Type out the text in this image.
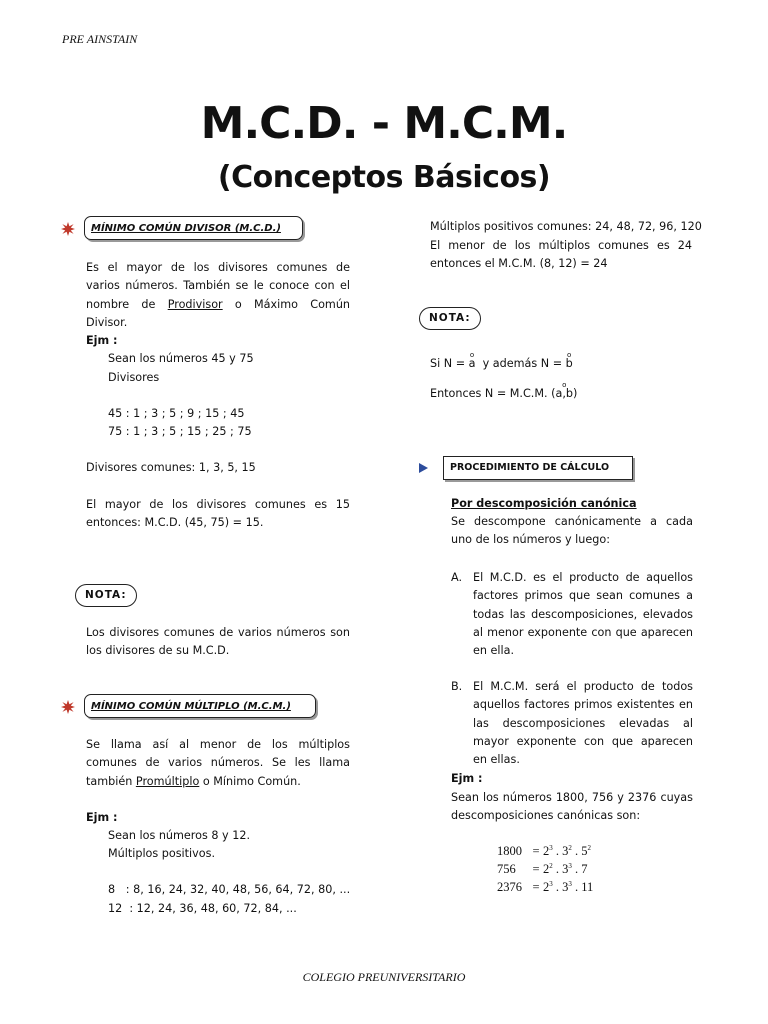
PRE AINSTAIN
COLEGIO PREUNIVERSITARIO
M.C.D. - M.C.M.
(Conceptos Básicos)
MÍNIMO COMÚN DIVISOR (M.C.D.)
Es el mayor de los divisores comunes de varios números. También se le conoce con el nombre de Prodivisor o Máximo Común Divisor.
Ejm :
Sean los números 45 y 75
Divisores
45 : 1 ; 3 ; 5 ; 9 ; 15 ; 45
75 : 1 ; 3 ; 5 ; 15 ; 25 ; 75
Divisores comunes: 1, 3, 5, 15
El mayor de los divisores comunes es 15 entonces: M.C.D. (45, 75) = 15.
NOTA:
Los divisores comunes de varios números son los divisores de su M.C.D.
MÍNIMO COMÚN MÚLTIPLO (M.C.M.)
Se llama así al menor de los múltiplos comunes de varios números. Se les llama también Promúltiplo o Mínimo Común.
Ejm :
Sean los números 8 y 12.
Múltiplos positivos.
8   : 8, 16, 24, 32, 40, 48, 56, 64, 72, 80, ...
12  : 12, 24, 36, 48, 60, 72, 84, ...
Múltiplos positivos comunes: 24, 48, 72, 96, 120
El menor de los múltiplos comunes es 24 entonces el M.C.M. (8, 12) = 24
NOTA:
Si N = o a y además N = o b
Entonces N = M.C.M. o (a,b)
PROCEDIMIENTO DE CÁLCULO
Por descomposición canónica
Se descompone canónicamente a cada uno de los números y luego:
A. El M.C.D. es el producto de aquellos factores primos que sean comunes a todas las descomposiciones, elevados al menor exponente con que aparecen en ella.
B. El M.C.M. será el producto de todos aquellos factores primos existentes en las descomposiciones elevadas al mayor exponente con que aparecen en ellas.
Ejm :
Sean los números 1800, 756 y 2376 cuyas descomposiciones canónicas son:
$1800 = 2^3$ . $3^2$ . $5^2$
$756 = 2^2$ . $3^3$ . 7
$2376 = 2^3$ . $3^3$ . 11
